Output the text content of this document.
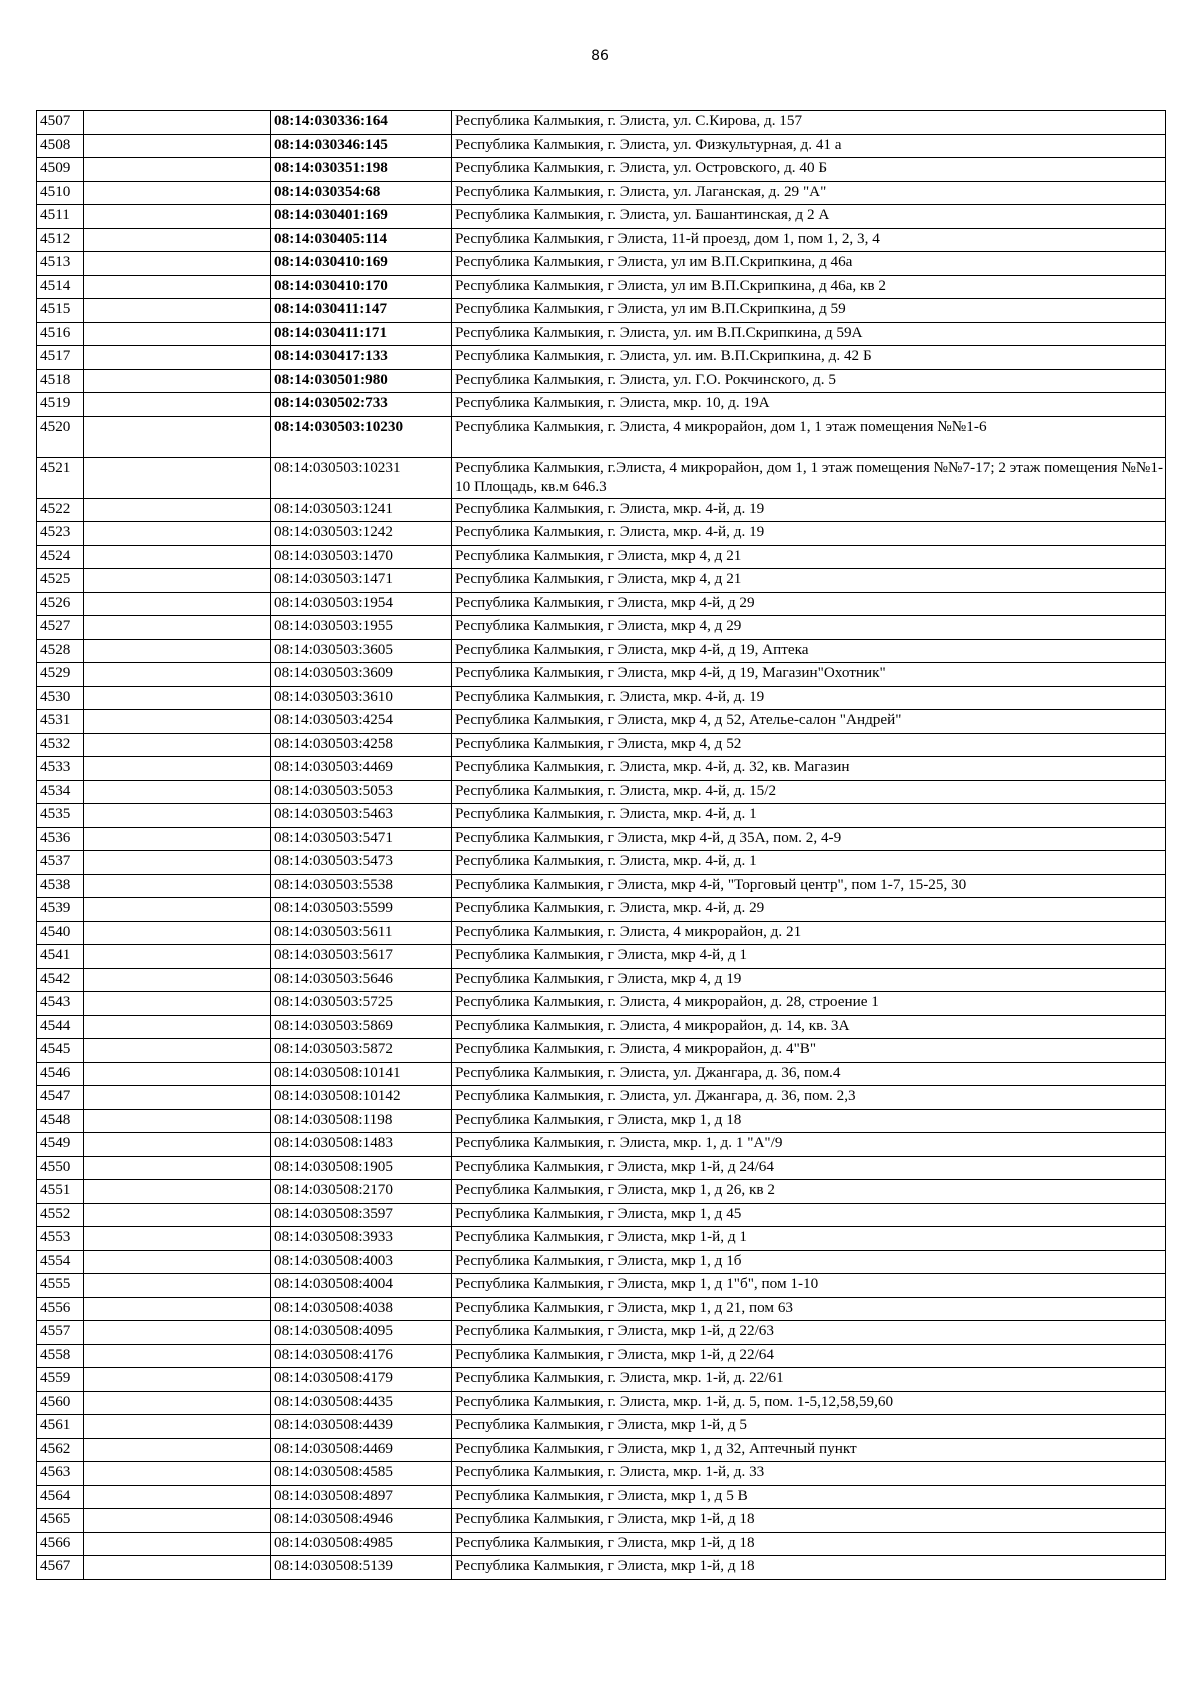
86
4507		08:14:030336:164	Республика Калмыкия, г. Элиста, ул. С.Кирова, д. 157
4508		08:14:030346:145	Республика Калмыкия, г. Элиста, ул. Физкультурная, д. 41 а
4509		08:14:030351:198	Республика Калмыкия, г. Элиста, ул. Островского, д. 40 Б
4510		08:14:030354:68	Республика Калмыкия, г. Элиста, ул. Лаганская, д. 29 "А"
4511		08:14:030401:169	Республика Калмыкия, г. Элиста, ул. Башантинская, д 2 А
4512		08:14:030405:114	Республика Калмыкия, г Элиста, 11-й проезд, дом 1, пом 1, 2, 3, 4
4513		08:14:030410:169	Республика Калмыкия, г Элиста, ул им В.П.Скрипкина, д 46а
4514		08:14:030410:170	Республика Калмыкия, г Элиста, ул им В.П.Скрипкина, д 46а, кв 2
4515		08:14:030411:147	Республика Калмыкия, г Элиста, ул им В.П.Скрипкина, д 59
4516		08:14:030411:171	Республика Калмыкия, г. Элиста, ул. им В.П.Скрипкина, д 59А
4517		08:14:030417:133	Республика Калмыкия, г. Элиста, ул. им. В.П.Скрипкина, д. 42 Б
4518		08:14:030501:980	Республика Калмыкия, г. Элиста, ул. Г.О. Рокчинского, д. 5
4519		08:14:030502:733	Республика Калмыкия, г. Элиста, мкр. 10, д. 19А
4520		08:14:030503:10230	Республика Калмыкия, г. Элиста, 4 микрорайон, дом 1, 1 этаж помещения №№1-6
4521		08:14:030503:10231	Республика Калмыкия, г.Элиста, 4 микрорайон, дом 1, 1 этаж помещения №№7-17; 2 этаж помещения №№1-10 Площадь, кв.м 646.3
4522		08:14:030503:1241	Республика Калмыкия, г. Элиста, мкр. 4-й, д. 19
4523		08:14:030503:1242	Республика Калмыкия, г. Элиста, мкр. 4-й, д. 19
4524		08:14:030503:1470	Республика Калмыкия, г Элиста, мкр 4, д 21
4525		08:14:030503:1471	Республика Калмыкия, г Элиста, мкр 4, д 21
4526		08:14:030503:1954	Республика Калмыкия, г Элиста, мкр 4-й, д 29
4527		08:14:030503:1955	Республика Калмыкия, г Элиста, мкр 4, д 29
4528		08:14:030503:3605	Республика Калмыкия, г Элиста, мкр 4-й, д 19, Аптека
4529		08:14:030503:3609	Республика Калмыкия, г Элиста, мкр 4-й, д 19, Магазин"Охотник"
4530		08:14:030503:3610	Республика Калмыкия, г. Элиста, мкр. 4-й, д. 19
4531		08:14:030503:4254	Республика Калмыкия, г Элиста, мкр 4, д 52, Ателье-салон "Андрей"
4532		08:14:030503:4258	Республика Калмыкия, г Элиста, мкр 4, д 52
4533		08:14:030503:4469	Республика Калмыкия, г. Элиста, мкр. 4-й, д. 32, кв. Магазин
4534		08:14:030503:5053	Республика Калмыкия, г. Элиста, мкр. 4-й, д. 15/2
4535		08:14:030503:5463	Республика Калмыкия, г. Элиста, мкр. 4-й, д. 1
4536		08:14:030503:5471	Республика Калмыкия, г Элиста, мкр 4-й, д 35А, пом. 2, 4-9
4537		08:14:030503:5473	Республика Калмыкия, г. Элиста, мкр. 4-й, д. 1
4538		08:14:030503:5538	Республика Калмыкия, г Элиста, мкр 4-й, "Торговый центр", пом 1-7, 15-25, 30
4539		08:14:030503:5599	Республика Калмыкия, г. Элиста, мкр. 4-й, д. 29
4540		08:14:030503:5611	Республика Калмыкия, г. Элиста, 4 микрорайон, д. 21
4541		08:14:030503:5617	Республика Калмыкия, г Элиста, мкр 4-й, д 1
4542		08:14:030503:5646	Республика Калмыкия, г Элиста, мкр 4, д 19
4543		08:14:030503:5725	Республика Калмыкия, г. Элиста, 4 микрорайон, д. 28, строение 1
4544		08:14:030503:5869	Республика Калмыкия, г. Элиста, 4 микрорайон, д. 14, кв. 3А
4545		08:14:030503:5872	Республика Калмыкия, г. Элиста, 4 микрорайон, д. 4"В"
4546		08:14:030508:10141	Республика Калмыкия, г. Элиста, ул. Джангара, д. 36, пом.4
4547		08:14:030508:10142	Республика Калмыкия, г. Элиста, ул. Джангара, д. 36, пом. 2,3
4548		08:14:030508:1198	Республика Калмыкия, г Элиста, мкр 1, д 18
4549		08:14:030508:1483	Республика Калмыкия, г. Элиста, мкр. 1, д. 1 "А"/9
4550		08:14:030508:1905	Республика Калмыкия, г Элиста, мкр 1-й, д 24/64
4551		08:14:030508:2170	Республика Калмыкия, г Элиста, мкр 1, д 26, кв 2
4552		08:14:030508:3597	Республика Калмыкия, г Элиста, мкр 1, д 45
4553		08:14:030508:3933	Республика Калмыкия, г Элиста, мкр 1-й, д 1
4554		08:14:030508:4003	Республика Калмыкия, г Элиста, мкр 1, д 1б
4555		08:14:030508:4004	Республика Калмыкия, г Элиста, мкр 1, д 1"б", пом 1-10
4556		08:14:030508:4038	Республика Калмыкия, г Элиста, мкр 1, д 21, пом 63
4557		08:14:030508:4095	Республика Калмыкия, г Элиста, мкр 1-й, д 22/63
4558		08:14:030508:4176	Республика Калмыкия, г Элиста, мкр 1-й, д 22/64
4559		08:14:030508:4179	Республика Калмыкия, г. Элиста, мкр. 1-й, д. 22/61
4560		08:14:030508:4435	Республика Калмыкия, г. Элиста, мкр. 1-й, д. 5, пом. 1-5,12,58,59,60
4561		08:14:030508:4439	Республика Калмыкия, г Элиста, мкр 1-й, д 5
4562		08:14:030508:4469	Республика Калмыкия, г Элиста, мкр 1, д 32, Аптечный пункт
4563		08:14:030508:4585	Республика Калмыкия, г. Элиста, мкр. 1-й, д. 33
4564		08:14:030508:4897	Республика Калмыкия, г Элиста, мкр 1, д 5 В
4565		08:14:030508:4946	Республика Калмыкия, г Элиста, мкр 1-й, д 18
4566		08:14:030508:4985	Республика Калмыкия, г Элиста, мкр 1-й, д 18
4567		08:14:030508:5139	Республика Калмыкия, г Элиста, мкр 1-й, д 18
